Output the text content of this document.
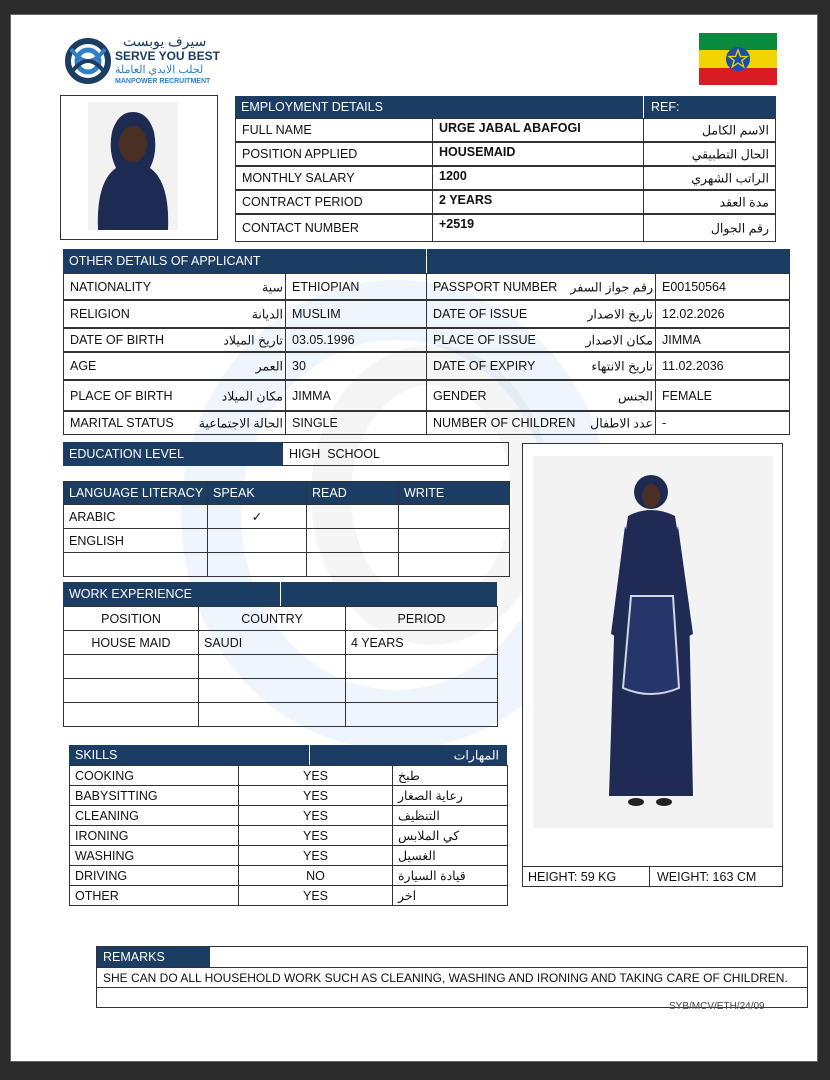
سيرف يوبست
SERVE YOU BEST
لجلب الايدي العاملة
MANPOWER RECRUITMENT
EMPLOYMENT DETAILS	REF:
FULL NAME	URGE JABAL ABAFOGI	الاسم الكامل
POSITION APPLIED	HOUSEMAID	الحال التطبيقي
MONTHLY SALARY	1200	الراتب الشهري
CONTRACT PERIOD	2 YEARS	مدة العقد
CONTACT NUMBER	+2519	رقم الجوال
OTHER DETAILS OF APPLICANT
NATIONALITY	سية ETHIOPIAN	PASSPORT NUMBER رقم جواز السفر E00150564
RELIGION	الديانة MUSLIM	DATE OF ISSUE	تاريخ الاصدار 12.02.2026
DATE OF BIRTH	تاريخ الميلاد 03.05.1996	PLACE OF ISSUE	مكان الاصدار JIMMA
AGE	العمر 30	DATE OF EXPIRY	تاريخ الانتهاء 11.02.2036
PLACE OF BIRTH	مكان الميلاد JIMMA	GENDER	الجنس FEMALE
MARITAL STATUS الحالة الاجتماعية SINGLE	NUMBER OF CHILDREN عدد الاطفال -
EDUCATION LEVEL	HIGH  SCHOOL
LANGUAGE LITERACY	SPEAK	READ	WRITE
ARABIC	✓		
ENGLISH			

WORK EXPERIENCE
POSITION	COUNTRY	PERIOD
HOUSE MAID	SAUDI	4 YEARS

SKILLS	المهارات
COOKING	YES	طبخ
BABYSITTING	YES	رعاية الصغار
CLEANING	YES	التنظيف
IRONING	YES	كي الملابس
WASHING	YES	الغسيل
DRIVING	NO	قيادة السيارة
OTHER	YES	اخر
HEIGHT: 59 KG	WEIGHT: 163 CM
REMARKS
SHE CAN DO ALL HOUSEHOLD WORK SUCH AS CLEANING, WASHING AND IRONING AND TAKING CARE OF CHILDREN.
SYB/MCV/ETH/24/09
